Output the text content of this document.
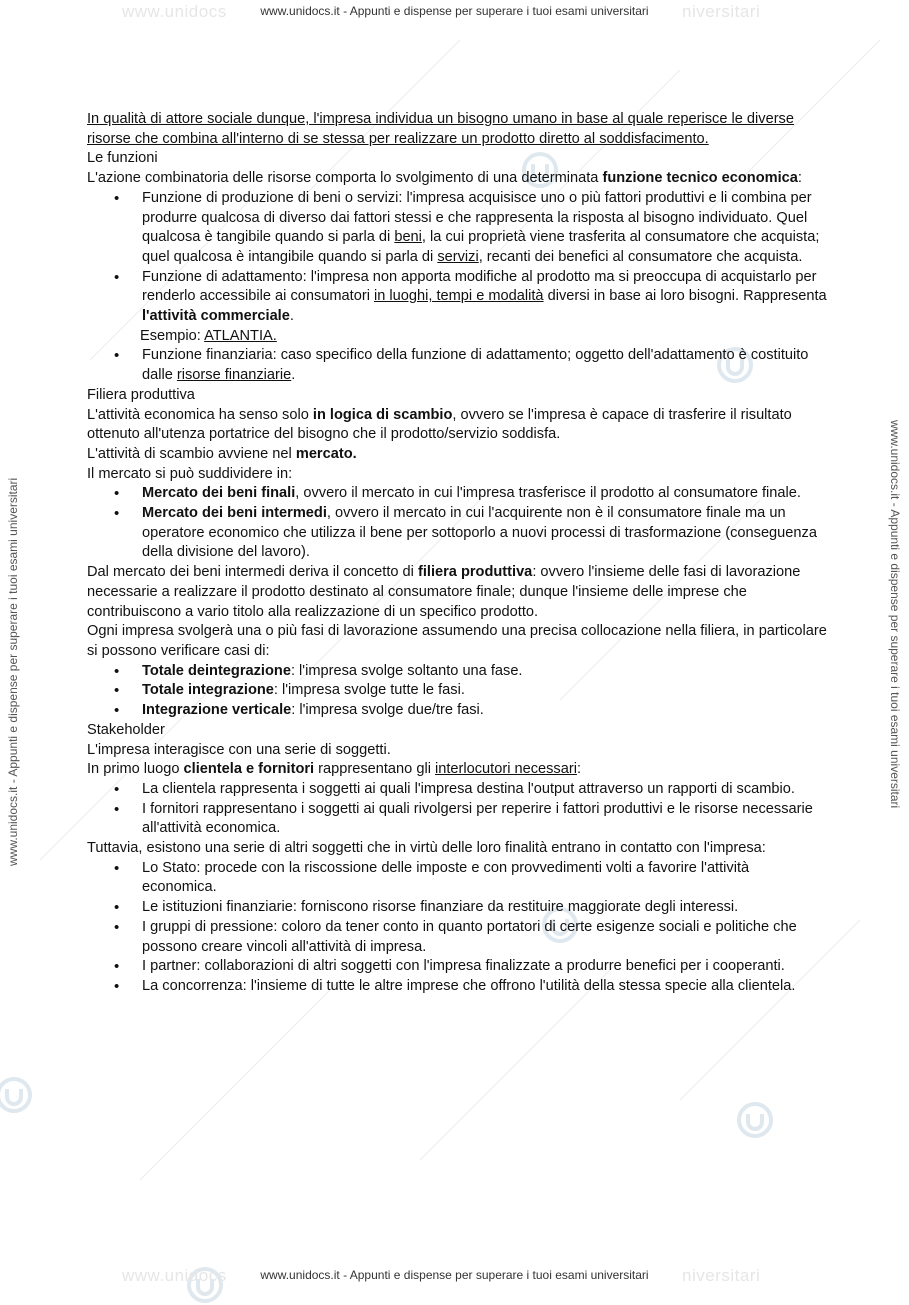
www.unidocs	niversitari
www.unidocs.it - Appunti e dispense per superare i tuoi esami universitari
www.unidocs	niversitari
www.unidocs.it - Appunti e dispense per superare i tuoi esami universitari
www.unidocs.it - Appunti e dispense per superare i tuoi esami universitari	www.unidocs.it - Appunti e dispense per superare i tuoi esami universitari

In qualità di attore sociale dunque, l'impresa individua un bisogno umano in base al quale reperisce le diverse risorse che combina all'interno di se stessa per realizzare un prodotto diretto al soddisfacimento.

Le funzioni

L'azione combinatoria delle risorse comporta lo svolgimento di una determinata funzione tecnico economica:

• Funzione di produzione di beni o servizi: l'impresa acquisisce uno o più fattori produttivi e li combina per produrre qualcosa di diverso dai fattori stessi e che rappresenta la risposta al bisogno individuato. Quel qualcosa è tangibile quando si parla di beni, la cui proprietà viene trasferita al consumatore che acquista; quel qualcosa è intangibile quando si parla di servizi, recanti dei benefici al consumatore che acquista.
• Funzione di adattamento: l'impresa non apporta modifiche al prodotto ma si preoccupa di acquistarlo per renderlo accessibile ai consumatori in luoghi, tempi e modalità diversi in base ai loro bisogni. Rappresenta l'attività commerciale.

Esempio: ATLANTIA.

• Funzione finanziaria: caso specifico della funzione di adattamento; oggetto dell'adattamento è costituito dalle risorse finanziarie.

Filiera produttiva

L'attività economica ha senso solo in logica di scambio, ovvero se l'impresa è capace di trasferire il risultato ottenuto all'utenza portatrice del bisogno che il prodotto/servizio soddisfa.

L'attività di scambio avviene nel mercato.

Il mercato si può suddividere in:

• Mercato dei beni finali, ovvero il mercato in cui l'impresa trasferisce il prodotto al consumatore finale.
• Mercato dei beni intermedi, ovvero il mercato in cui l'acquirente non è il consumatore finale ma un operatore economico che utilizza il bene per sottoporlo a nuovi processi di trasformazione (conseguenza della divisione del lavoro).

Dal mercato dei beni intermedi deriva il concetto di filiera produttiva: ovvero l'insieme delle fasi di lavorazione necessarie a realizzare il prodotto destinato al consumatore finale; dunque l'insieme delle imprese che contribuiscono a vario titolo alla realizzazione di un specifico prodotto.

Ogni impresa svolgerà una o più fasi di lavorazione assumendo una precisa collocazione nella filiera, in particolare si possono verificare casi di:

• Totale deintegrazione: l'impresa svolge soltanto una fase.
• Totale integrazione: l'impresa svolge tutte le fasi.
• Integrazione verticale: l'impresa svolge due/tre fasi.

Stakeholder

L'impresa interagisce con una serie di soggetti.

In primo luogo clientela e fornitori rappresentano gli interlocutori necessari:

• La clientela rappresenta i soggetti ai quali l'impresa destina l'output attraverso un rapporti di scambio.
• I fornitori rappresentano i soggetti ai quali rivolgersi per reperire i fattori produttivi e le risorse necessarie all'attività economica.

Tuttavia, esistono una serie di altri soggetti che in virtù delle loro finalità entrano in contatto con l'impresa:

• Lo Stato: procede con la riscossione delle imposte e con provvedimenti volti a favorire l'attività economica.
• Le istituzioni finanziarie: forniscono risorse finanziare da restituire maggiorate degli interessi.
• I gruppi di pressione: coloro da tener conto in quanto portatori di certe esigenze sociali e politiche che possono creare vincoli all'attività di impresa.
• I partner: collaborazioni di altri soggetti con l'impresa finalizzate a produrre benefici per i cooperanti.
• La concorrenza: l'insieme di tutte le altre imprese che offrono l'utilità della stessa specie alla clientela.
